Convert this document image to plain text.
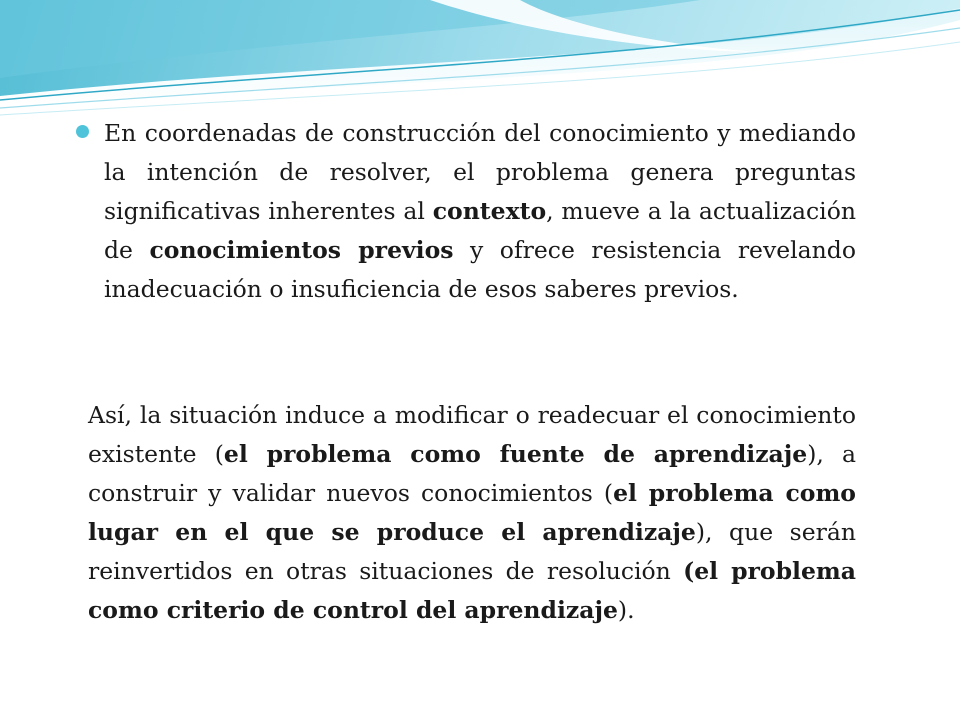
En coordenadas de construcción del conocimiento y mediando la intención de resolver, el problema genera preguntas significativas inherentes al contexto, mueve a la actualización de conocimientos previos y ofrece resistencia revelando inadecuación o insuficiencia de esos saberes previos.

Así, la situación induce a modificar o readecuar el conocimiento existente (el problema como fuente de aprendizaje), a construir y validar nuevos conocimientos (el problema como lugar en el que se produce el aprendizaje), que serán reinvertidos en otras situaciones de resolución (el problema como criterio de control del aprendizaje).
